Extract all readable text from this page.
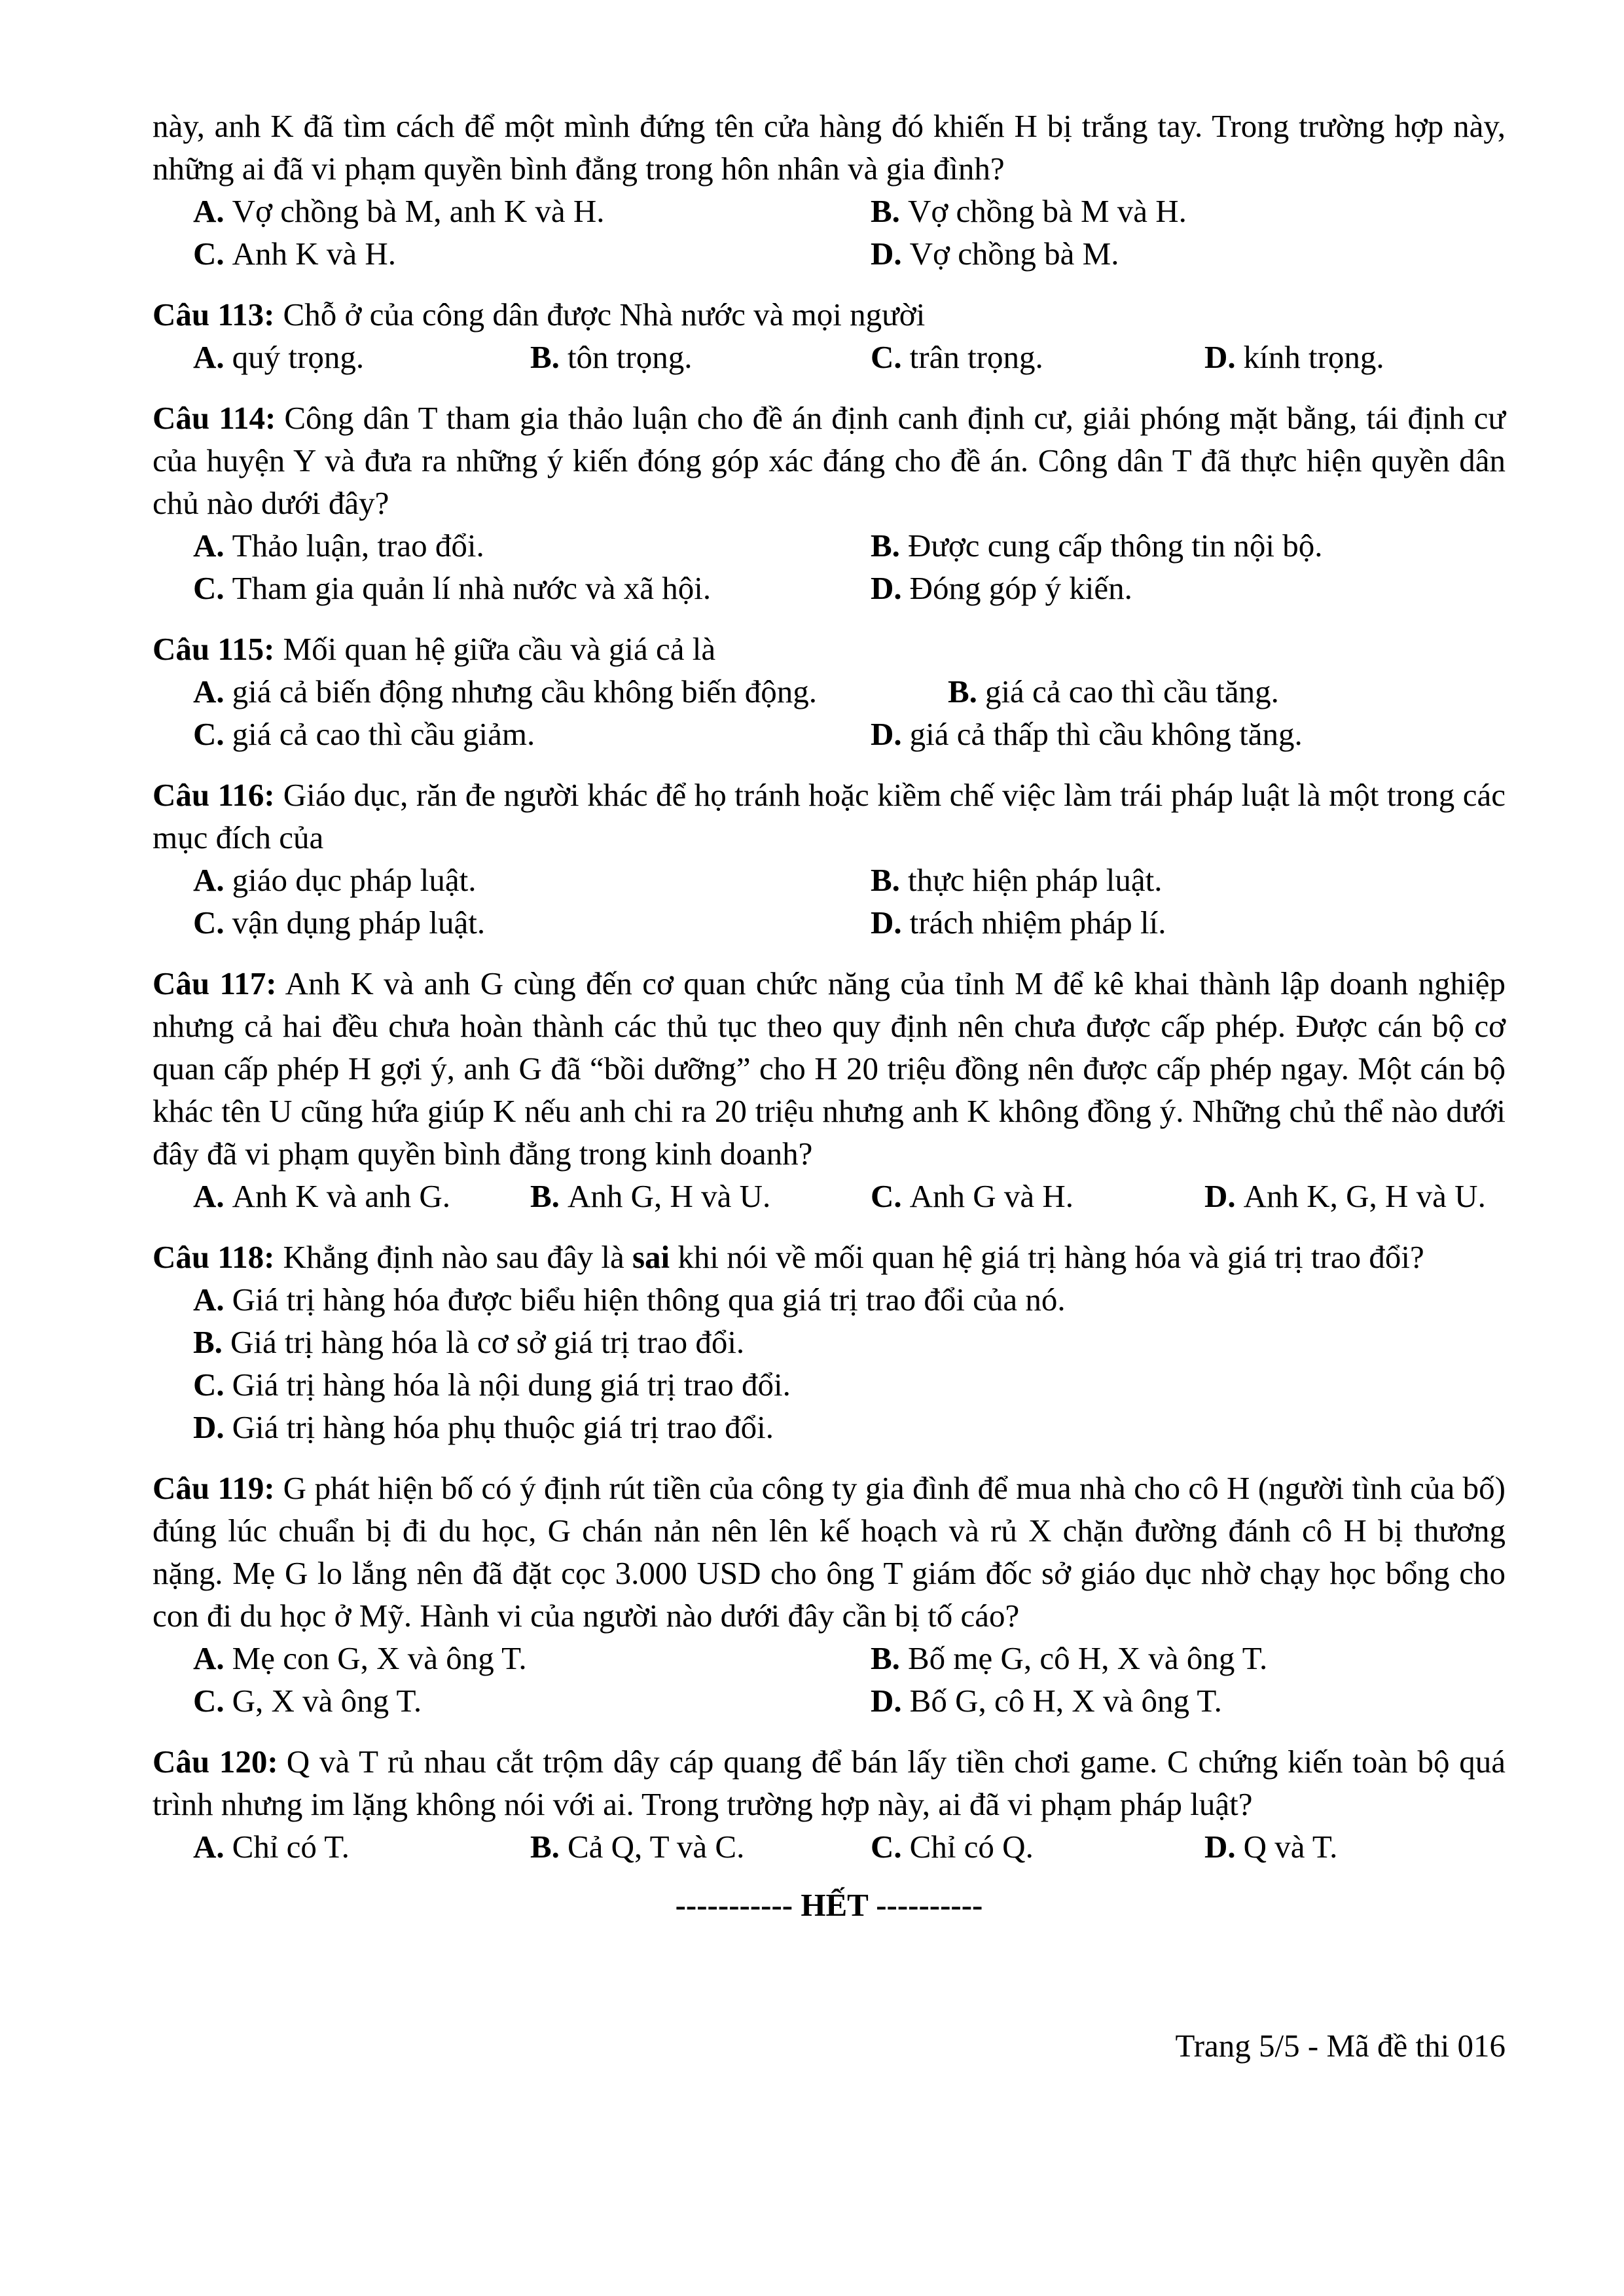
này, anh K đã tìm cách để một mình đứng tên cửa hàng đó khiến H bị trắng tay. Trong trường hợp này, những ai đã vi phạm quyền bình đẳng trong hôn nhân và gia đình?
A. Vợ chồng bà M, anh K và H.	B. Vợ chồng bà M và H.
C. Anh K và H.	D. Vợ chồng bà M.
Câu 113: Chỗ ở của công dân được Nhà nước và mọi người
A. quý trọng.	B. tôn trọng.	C. trân trọng.	D. kính trọng.
Câu 114: Công dân T tham gia thảo luận cho đề án định canh định cư, giải phóng mặt bằng, tái định cư của huyện Y và đưa ra những ý kiến đóng góp xác đáng cho đề án. Công dân T đã thực hiện quyền dân chủ nào dưới đây?
A. Thảo luận, trao đổi.	B. Được cung cấp thông tin nội bộ.
C. Tham gia quản lí nhà nước và xã hội.	D. Đóng góp ý kiến.
Câu 115: Mối quan hệ giữa cầu và giá cả là
A. giá cả biến động nhưng cầu không biến động.	B. giá cả cao thì cầu tăng.
C. giá cả cao thì cầu giảm.	D. giá cả thấp thì cầu không tăng.
Câu 116: Giáo dục, răn đe người khác để họ tránh hoặc kiềm chế việc làm trái pháp luật là một trong các mục đích của
A. giáo dục pháp luật.	B. thực hiện pháp luật.
C. vận dụng pháp luật.	D. trách nhiệm pháp lí.
Câu 117: Anh K và anh G cùng đến cơ quan chức năng của tỉnh M để kê khai thành lập doanh nghiệp nhưng cả hai đều chưa hoàn thành các thủ tục theo quy định nên chưa được cấp phép. Được cán bộ cơ quan cấp phép H gợi ý, anh G đã “bồi dưỡng” cho H 20 triệu đồng nên được cấp phép ngay. Một cán bộ khác tên U cũng hứa giúp K nếu anh chi ra 20 triệu nhưng anh K không đồng ý. Những chủ thể nào dưới đây đã vi phạm quyền bình đẳng trong kinh doanh?
A. Anh K và anh G. B. Anh G, H và U.	C. Anh G và H.	D. Anh K, G, H và U.
Câu 118: Khẳng định nào sau đây là sai khi nói về mối quan hệ giá trị hàng hóa và giá trị trao đổi?
A. Giá trị hàng hóa được biểu hiện thông qua giá trị trao đổi của nó.
B. Giá trị hàng hóa là cơ sở giá trị trao đổi.
C. Giá trị hàng hóa là nội dung giá trị trao đổi.
D. Giá trị hàng hóa phụ thuộc giá trị trao đổi.
Câu 119: G phát hiện bố có ý định rút tiền của công ty gia đình để mua nhà cho cô H (người tình của bố) đúng lúc chuẩn bị đi du học, G chán nản nên lên kế hoạch và rủ X chặn đường đánh cô H bị thương nặng. Mẹ G lo lắng nên đã đặt cọc 3.000 USD cho ông T giám đốc sở giáo dục nhờ chạy học bổng cho con đi du học ở Mỹ. Hành vi của người nào dưới đây cần bị tố cáo?
A. Mẹ con G, X và ông T.	B. Bố mẹ G, cô H, X và ông T.
C. G, X và ông T.	D. Bố G, cô H, X và ông T.
Câu 120: Q và T rủ nhau cắt trộm dây cáp quang để bán lấy tiền chơi game. C chứng kiến toàn bộ quá trình nhưng im lặng không nói với ai. Trong trường hợp này, ai đã vi phạm pháp luật?
A. Chỉ có T.	B. Cả Q, T và C.	C. Chỉ có Q.	D. Q và T.
----------- HẾT ----------
Trang 5/5 - Mã đề thi 016
